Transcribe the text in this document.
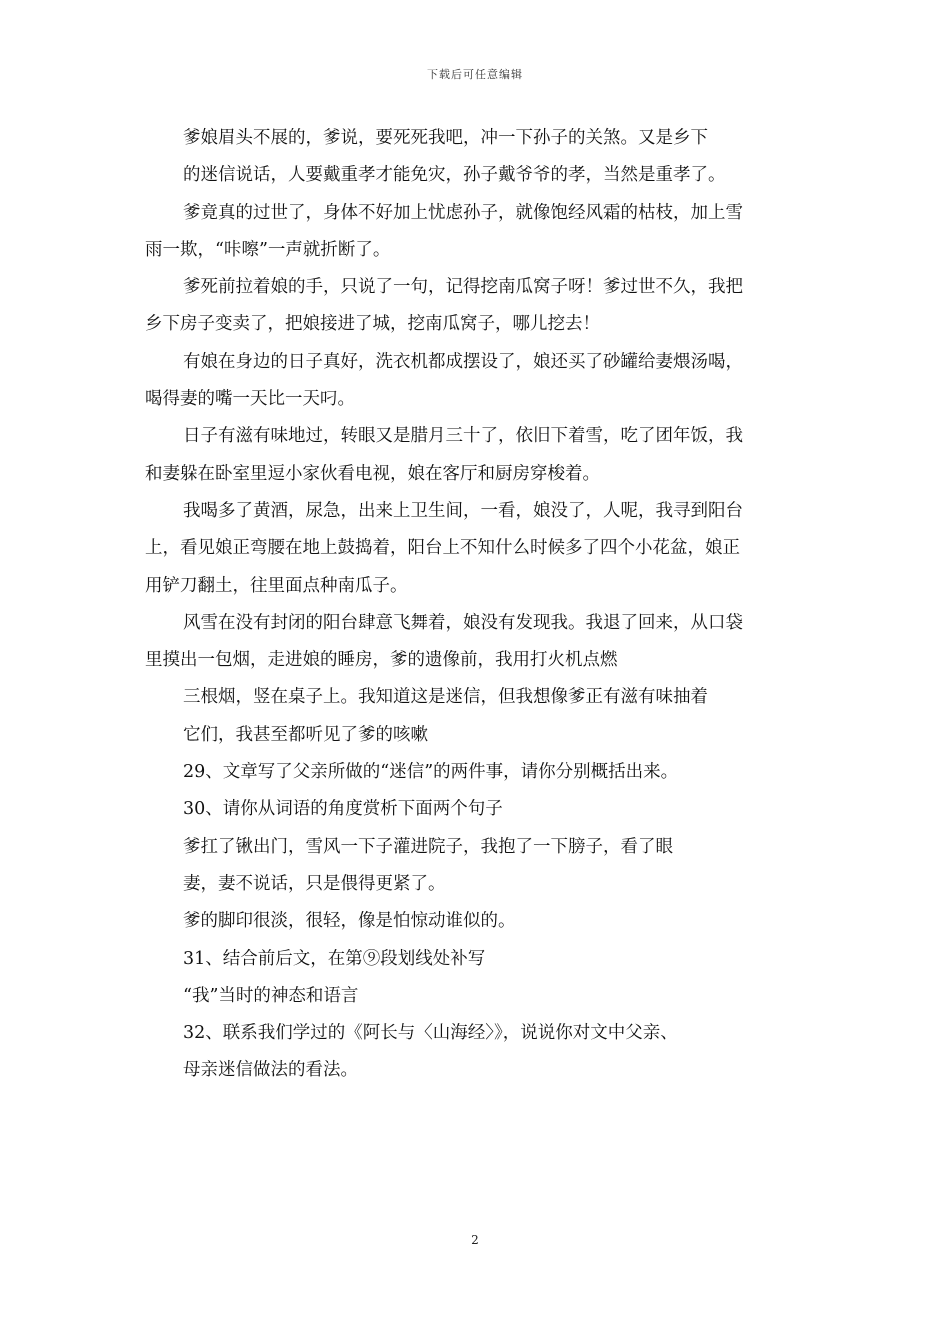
下载后可任意编辑
爹娘眉头不展的，爹说，要死死我吧，冲一下孙子的关煞。又是乡下
的迷信说话，人要戴重孝才能免灾，孙子戴爷爷的孝，当然是重孝了。
爹竟真的过世了，身体不好加上忧虑孙子，就像饱经风霜的枯枝，加上雪
雨一欺，“咔嚓”一声就折断了。
爹死前拉着娘的手，只说了一句，记得挖南瓜窝子呀！爹过世不久，我把
乡下房子变卖了，把娘接进了城，挖南瓜窝子，哪儿挖去！
有娘在身边的日子真好，洗衣机都成摆设了，娘还买了砂罐给妻煨汤喝，
喝得妻的嘴一天比一天叼。
日子有滋有味地过，转眼又是腊月三十了，依旧下着雪，吃了团年饭，我
和妻躲在卧室里逗小家伙看电视，娘在客厅和厨房穿梭着。
我喝多了黄酒，尿急，出来上卫生间，一看，娘没了，人呢，我寻到阳台
上，看见娘正弯腰在地上鼓捣着，阳台上不知什么时候多了四个小花盆，娘正
用铲刀翻土，往里面点种南瓜子。
风雪在没有封闭的阳台肆意飞舞着，娘没有发现我。我退了回来，从口袋
里摸出一包烟，走进娘的睡房，爹的遗像前，我用打火机点燃
三根烟，竖在桌子上。我知道这是迷信，但我想像爹正有滋有味抽着
它们，我甚至都听见了爹的咳嗽
29、文章写了父亲所做的“迷信”的两件事，请你分别概括出来。
30、请你从词语的角度赏析下面两个句子
爹扛了锹出门，雪风一下子灌进院子，我抱了一下膀子，看了眼
妻，妻不说话，只是偎得更紧了。
爹的脚印很淡，很轻，像是怕惊动谁似的。
31、结合前后文，在第⑨段划线处补写
“我”当时的神态和语言
32、联系我们学过的《阿长与〈山海经〉》，说说你对文中父亲、
母亲迷信做法的看法。
2
